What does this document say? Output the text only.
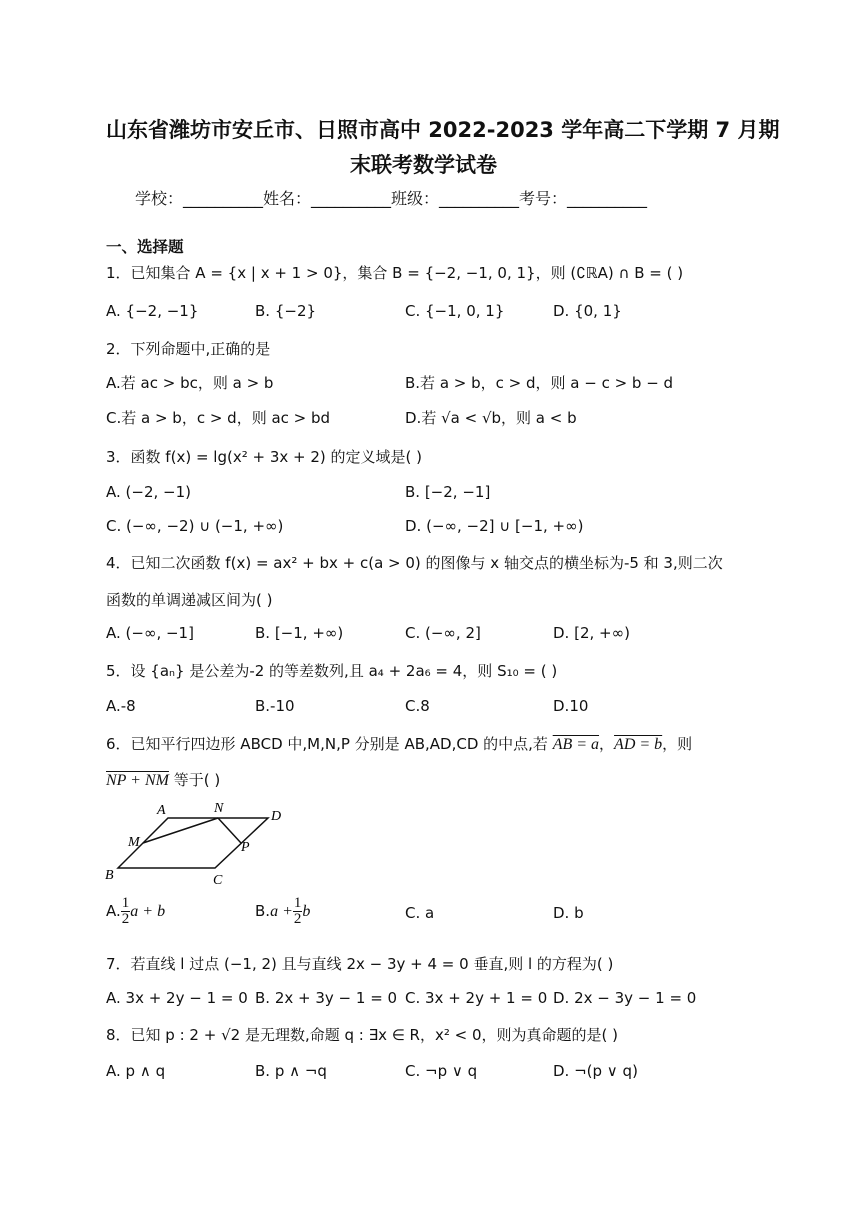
山东省潍坊市安丘市、日照市高中 2022-2023 学年高二下学期 7 月期
末联考数学试卷
学校：__________姓名：__________班级：__________考号：__________
一、选择题
1．已知集合 A = {x | x + 1 > 0}，集合 B = {−2, −1, 0, 1}，则 (∁ℝA) ∩ B = ( )
A. {−2, −1}	B. {−2}	C. {−1, 0, 1}	D. {0, 1}
2．下列命题中,正确的是
A.若 ac > bc，则 a > b	B.若 a > b，c > d，则 a − c > b − d
C.若 a > b，c > d，则 ac > bd	D.若 √a < √b，则 a < b
3．函数 f(x) = lg(x² + 3x + 2) 的定义域是( )
A. (−2, −1)	B. [−2, −1]
C. (−∞, −2) ∪ (−1, +∞)	D. (−∞, −2] ∪ [−1, +∞)
4．已知二次函数 f(x) = ax² + bx + c(a > 0) 的图像与 x 轴交点的横坐标为-5 和 3,则二次
函数的单调递减区间为( )
A. (−∞, −1]	B. [−1, +∞)	C. (−∞, 2]	D. [2, +∞)
5．设 {aₙ} 是公差为-2 的等差数列,且 a₄ + 2a₆ = 4，则 S₁₀ = ( )
A.-8	B.-10	C.8	D.10
6．已知平行四边形 ABCD 中,M,N,P 分别是 AB,AD,CD 的中点,若 AB = a，AD = b，则
NP + NM 等于( )
A	N
D
M	P
B	C
A. $\frac{1}{2}$ a + b	$B.a + \frac{1}{2}$ b	C. a	D. b
7．若直线 l 过点 (−1, 2) 且与直线 2x − 3y + 4 = 0 垂直,则 l 的方程为( )
A. 3x + 2y − 1 = 0 B. 2x + 3y − 1 = 0 C. 3x + 2y + 1 = 0 D. 2x − 3y − 1 = 0
8．已知 p : 2 + √2 是无理数,命题 q : ∃x ∈ R，x² < 0，则为真命题的是( )
A. p ∧ q	B. p ∧ ¬q	C. ¬p ∨ q	D. ¬(p ∨ q)
